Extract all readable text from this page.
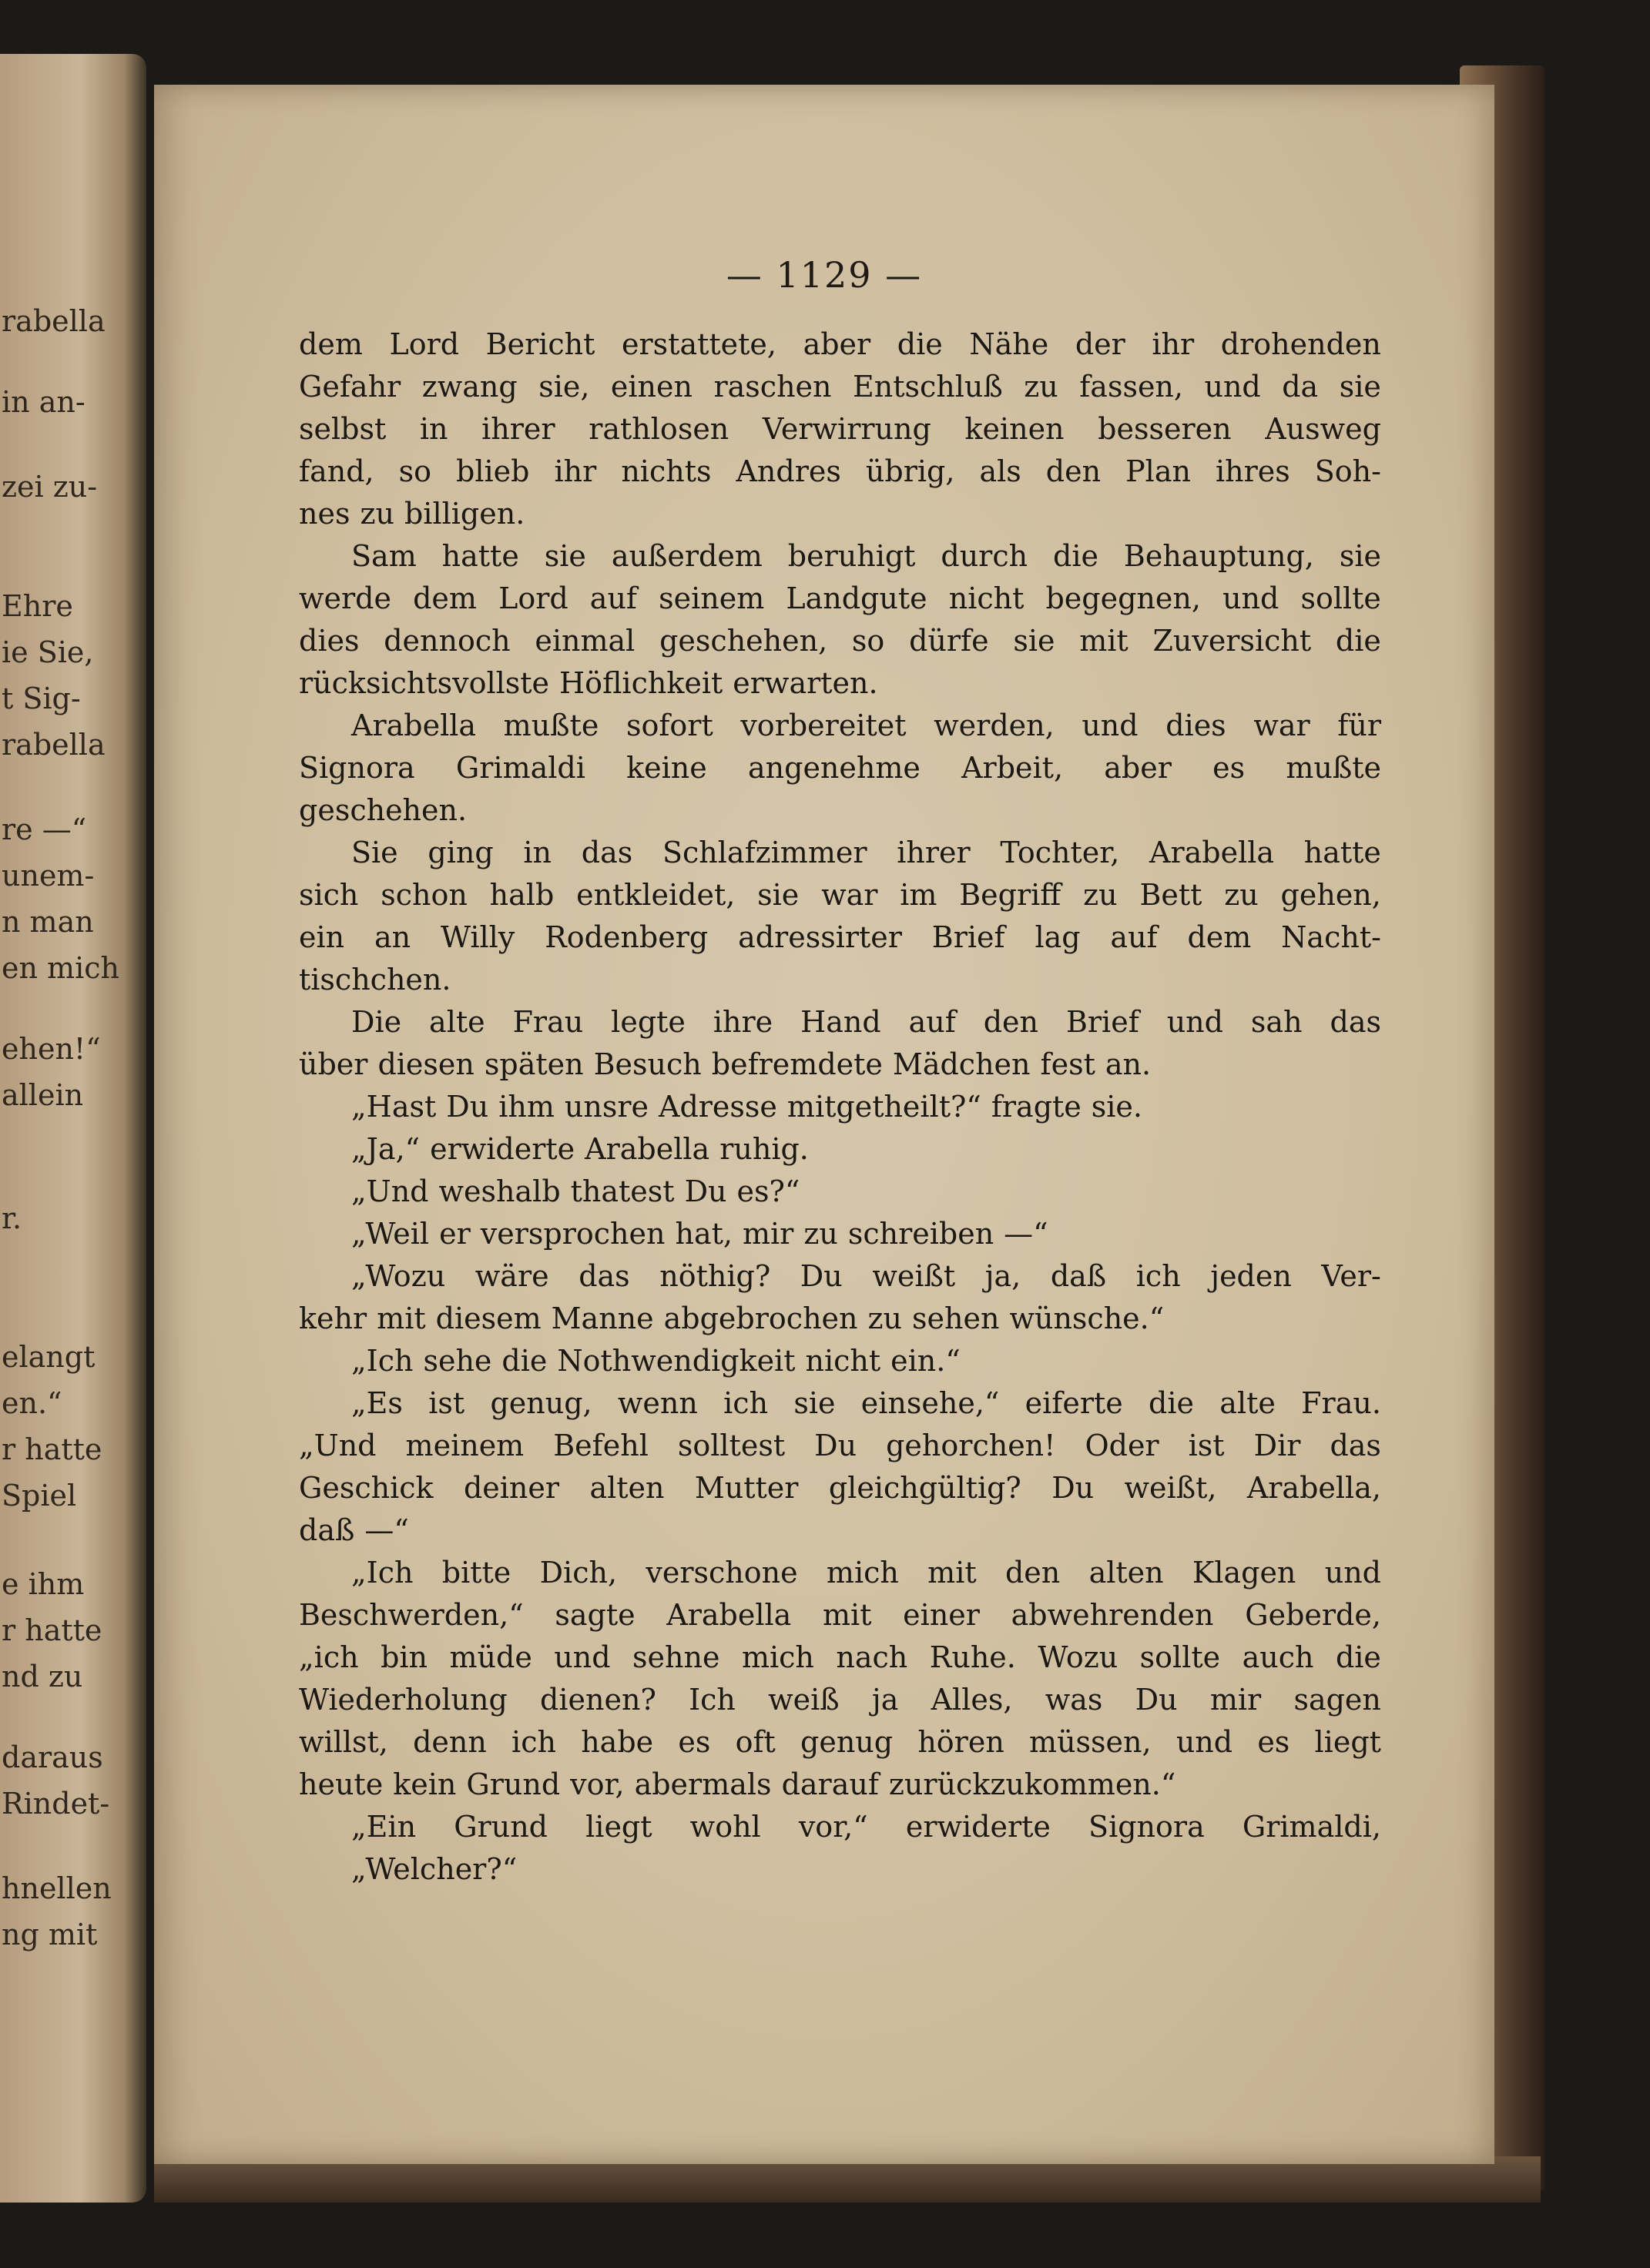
rabella
in an-
zei zu-
Ehre
ie Sie,
t Sig-
rabella
re —“
unem-
n man
en mich
ehen!“
allein
r.
elangt
en.“
r hatte
Spiel
e ihm
r hatte
nd zu
daraus
Rindet-
hnellen
ng mit
— 1129 —
dem Lord Bericht erstattete, aber die Nähe der ihr drohenden
Gefahr zwang sie, einen raschen Entschluß zu fassen, und da sie
selbst in ihrer rathlosen Verwirrung keinen besseren Ausweg
fand, so blieb ihr nichts Andres übrig, als den Plan ihres Soh-
nes zu billigen.
Sam hatte sie außerdem beruhigt durch die Behauptung, sie
werde dem Lord auf seinem Landgute nicht begegnen, und sollte
dies dennoch einmal geschehen, so dürfe sie mit Zuversicht die
rücksichtsvollste Höflichkeit erwarten.
Arabella mußte sofort vorbereitet werden, und dies war für
Signora Grimaldi keine angenehme Arbeit, aber es mußte
geschehen.
Sie ging in das Schlafzimmer ihrer Tochter, Arabella hatte
sich schon halb entkleidet, sie war im Begriff zu Bett zu gehen,
ein an Willy Rodenberg adressirter Brief lag auf dem Nacht-
tischchen.
Die alte Frau legte ihre Hand auf den Brief und sah das
über diesen späten Besuch befremdete Mädchen fest an.
„Hast Du ihm unsre Adresse mitgetheilt?“ fragte sie.
„Ja,“ erwiderte Arabella ruhig.
„Und weshalb thatest Du es?“
„Weil er versprochen hat, mir zu schreiben —“
„Wozu wäre das nöthig? Du weißt ja, daß ich jeden Ver-
kehr mit diesem Manne abgebrochen zu sehen wünsche.“
„Ich sehe die Nothwendigkeit nicht ein.“
„Es ist genug, wenn ich sie einsehe,“ eiferte die alte Frau.
„Und meinem Befehl solltest Du gehorchen! Oder ist Dir das
Geschick deiner alten Mutter gleichgültig? Du weißt, Arabella,
daß —“
„Ich bitte Dich, verschone mich mit den alten Klagen und
Beschwerden,“ sagte Arabella mit einer abwehrenden Geberde,
„ich bin müde und sehne mich nach Ruhe. Wozu sollte auch die
Wiederholung dienen? Ich weiß ja Alles, was Du mir sagen
willst, denn ich habe es oft genug hören müssen, und es liegt
heute kein Grund vor, abermals darauf zurückzukommen.“
„Ein Grund liegt wohl vor,“ erwiderte Signora Grimaldi,
„Welcher?“
